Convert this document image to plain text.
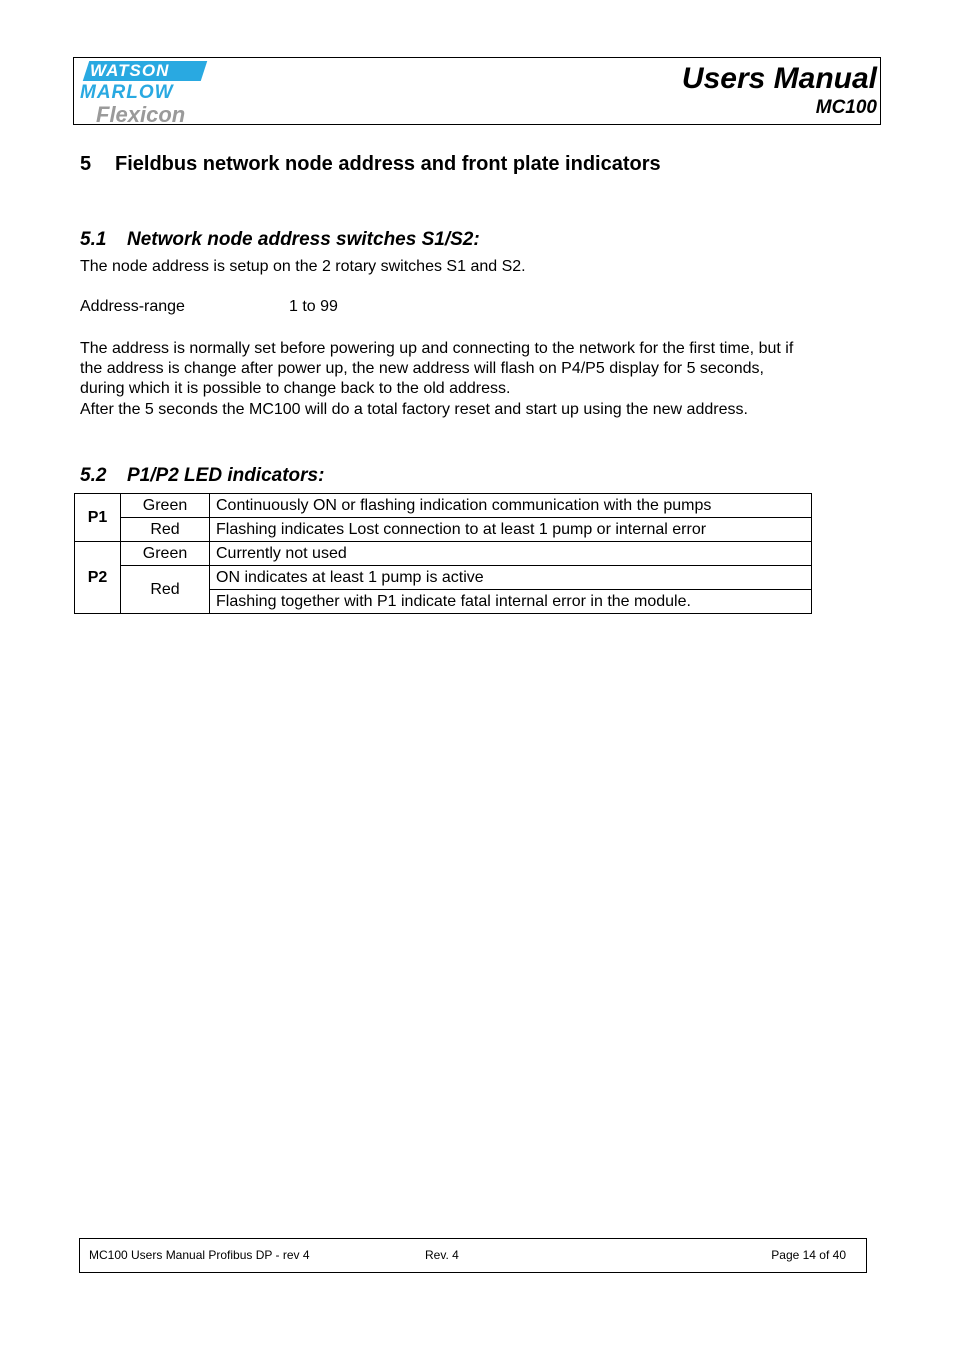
WATSON
MARLOW
Flexicon
Users Manual
MC100
5 Fieldbus network node address and front plate indicators
5.1 Network node address switches S1/S2:
The node address is setup on the 2 rotary switches S1 and S2.
Address-range	1 to 99
The address is normally set before powering up and connecting to the network for the first time, but if
the address is change after power up, the new address will flash on P4/P5 display for 5 seconds,
during which it is possible to change back to the old address.
After the 5 seconds the MC100 will do a total factory reset and start up using the new address.
5.2 P1/P2 LED indicators:
P1	Green	Continuously ON or flashing indication communication with the pumps
	Red	Flashing indicates Lost connection to at least 1 pump or internal error
P2	Green	Currently not used
	Red	ON indicates at least 1 pump is active
		Flashing together with P1 indicate fatal internal error in the module.
MC100 Users Manual Profibus DP - rev 4	Rev. 4	Page 14 of 40
